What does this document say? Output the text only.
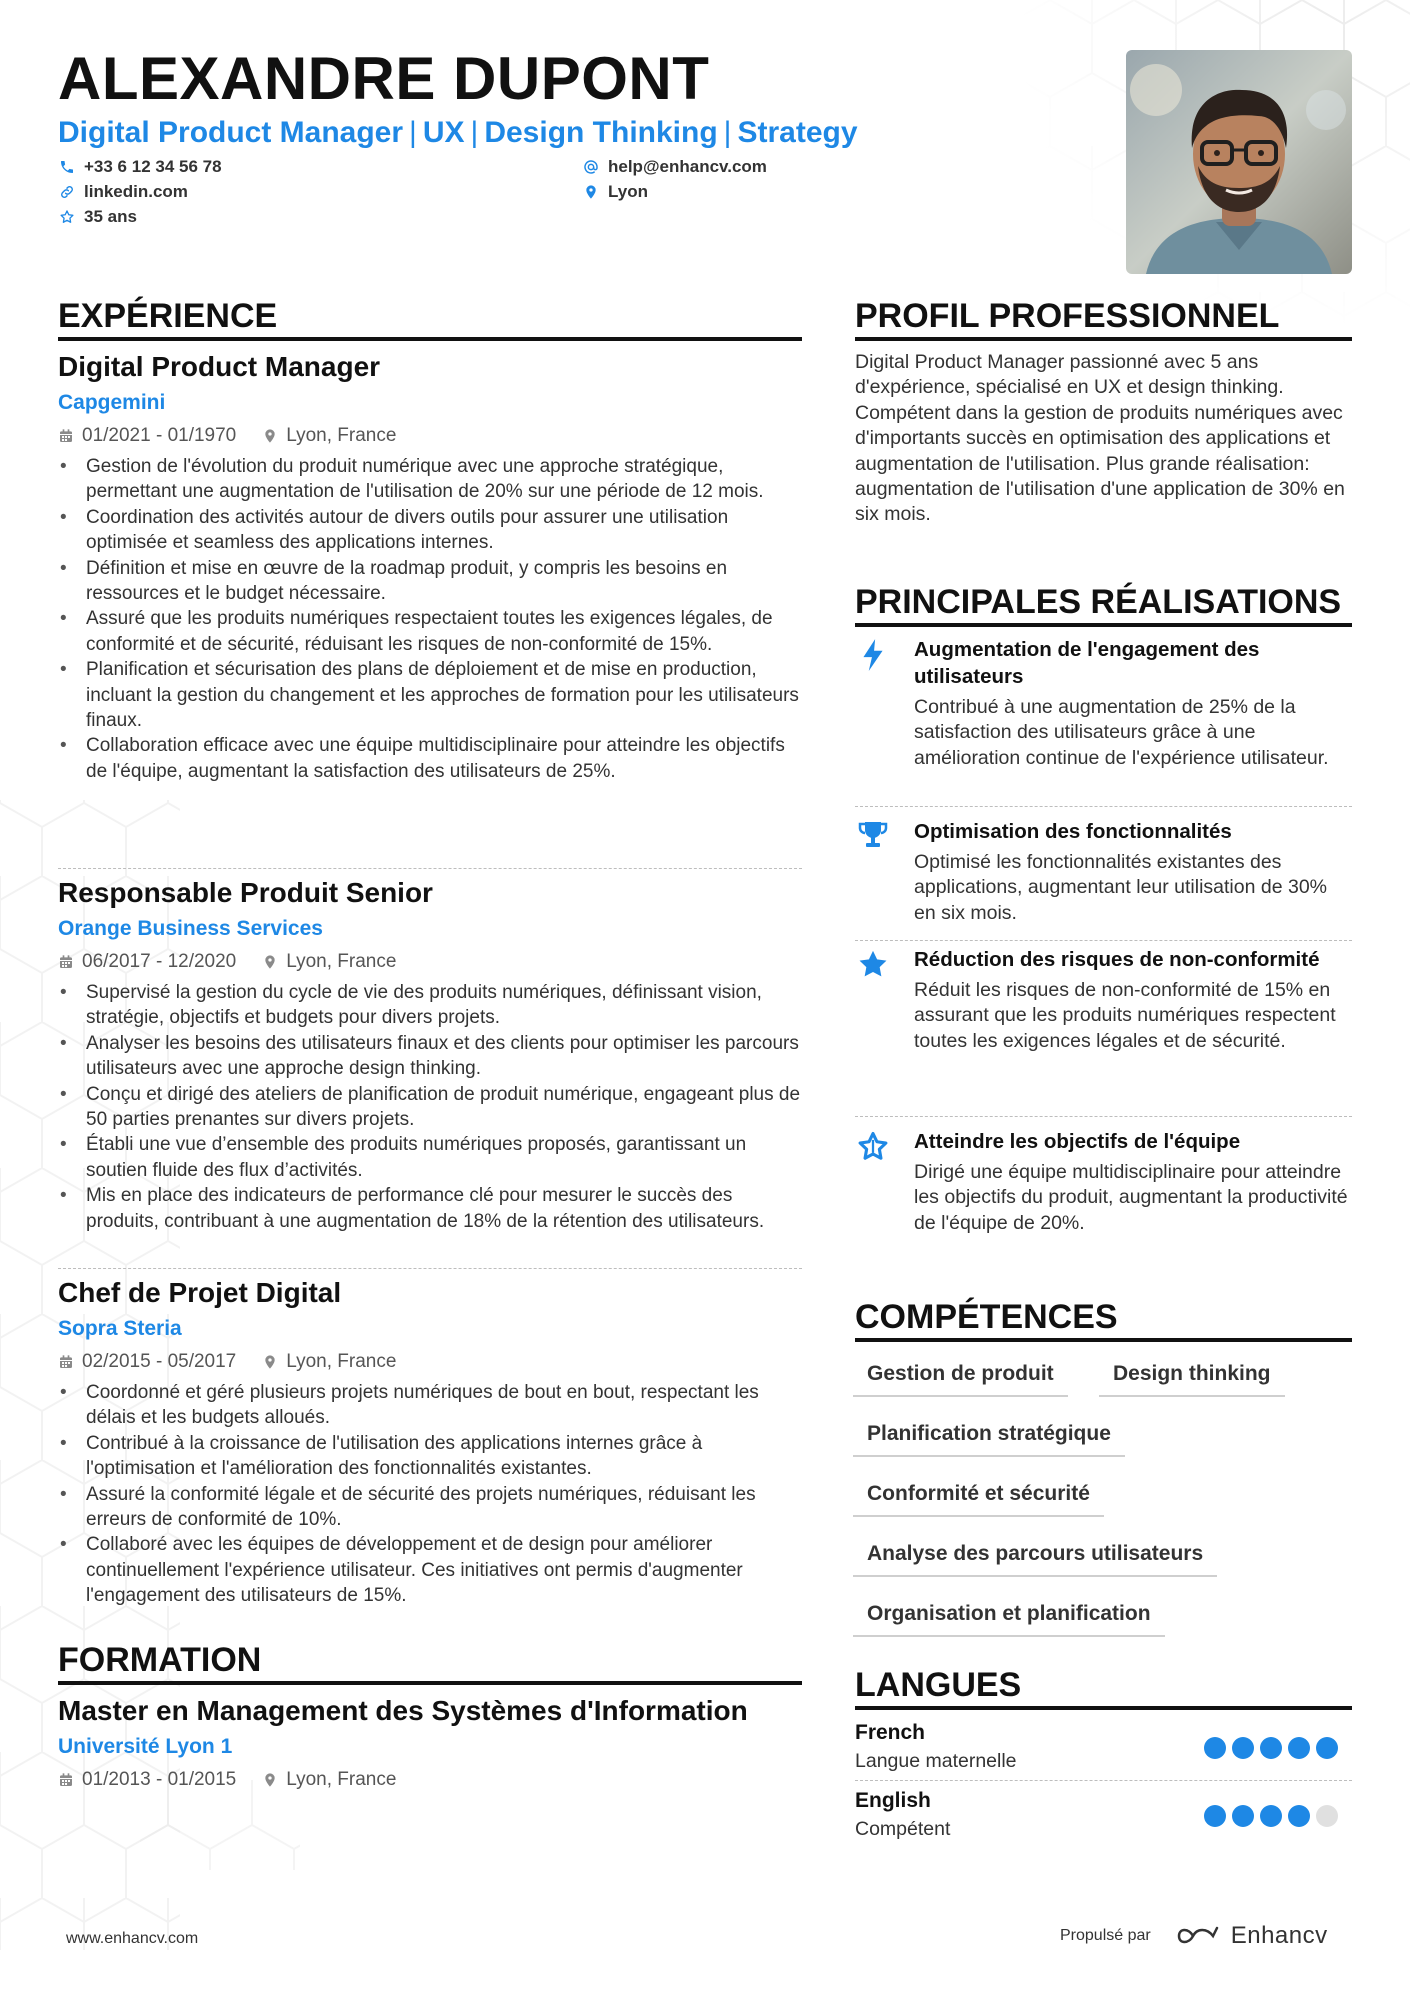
ALEXANDRE DUPONT
Digital Product Manager | UX | Design Thinking | Strategy
+33 6 12 34 56 78	help@enhancv.com
linkedin.com	Lyon
35 ans
EXPÉRIENCE
Digital Product Manager
Capgemini
01/2021 - 01/1970	Lyon, France
• Gestion de l'évolution du produit numérique avec une approche stratégique, permettant une augmentation de l'utilisation de 20% sur une période de 12 mois.
• Coordination des activités autour de divers outils pour assurer une utilisation optimisée et seamless des applications internes.
• Définition et mise en œuvre de la roadmap produit, y compris les besoins en ressources et le budget nécessaire.
• Assuré que les produits numériques respectaient toutes les exigences légales, de conformité et de sécurité, réduisant les risques de non-conformité de 15%.
• Planification et sécurisation des plans de déploiement et de mise en production, incluant la gestion du changement et les approches de formation pour les utilisateurs finaux.
• Collaboration efficace avec une équipe multidisciplinaire pour atteindre les objectifs de l'équipe, augmentant la satisfaction des utilisateurs de 25%.
Responsable Produit Senior
Orange Business Services
06/2017 - 12/2020	Lyon, France
• Supervisé la gestion du cycle de vie des produits numériques, définissant vision, stratégie, objectifs et budgets pour divers projets.
• Analyser les besoins des utilisateurs finaux et des clients pour optimiser les parcours utilisateurs avec une approche design thinking.
• Conçu et dirigé des ateliers de planification de produit numérique, engageant plus de 50 parties prenantes sur divers projets.
• Établi une vue d’ensemble des produits numériques proposés, garantissant un soutien fluide des flux d’activités.
• Mis en place des indicateurs de performance clé pour mesurer le succès des produits, contribuant à une augmentation de 18% de la rétention des utilisateurs.
Chef de Projet Digital
Sopra Steria
02/2015 - 05/2017	Lyon, France
• Coordonné et géré plusieurs projets numériques de bout en bout, respectant les délais et les budgets alloués.
• Contribué à la croissance de l'utilisation des applications internes grâce à l'optimisation et l'amélioration des fonctionnalités existantes.
• Assuré la conformité légale et de sécurité des projets numériques, réduisant les erreurs de conformité de 10%.
• Collaboré avec les équipes de développement et de design pour améliorer continuellement l'expérience utilisateur. Ces initiatives ont permis d'augmenter l'engagement des utilisateurs de 15%.
FORMATION
Master en Management des Systèmes d'Information
Université Lyon 1
01/2013 - 01/2015	Lyon, France
PROFIL PROFESSIONNEL

Digital Product Manager passionné avec 5 ans d'expérience, spécialisé en UX et design thinking. Compétent dans la gestion de produits numériques avec d'importants succès en optimisation des applications et augmentation de l'utilisation. Plus grande réalisation: augmentation de l'utilisation d'une application de 30% en six mois.

PRINCIPALES RÉALISATIONS
Augmentation de l'engagement des utilisateurs
Contribué à une augmentation de 25% de la satisfaction des utilisateurs grâce à une amélioration continue de l'expérience utilisateur.
Optimisation des fonctionnalités
Optimisé les fonctionnalités existantes des applications, augmentant leur utilisation de 30% en six mois.
Réduction des risques de non-conformité
Réduit les risques de non-conformité de 15% en assurant que les produits numériques respectent toutes les exigences légales et de sécurité.
Atteindre les objectifs de l'équipe
Dirigé une équipe multidisciplinaire pour atteindre les objectifs du produit, augmentant la productivité de l'équipe de 20%.
COMPÉTENCES
Gestion de produit	Design thinking
Planification stratégique
Conformité et sécurité
Analyse des parcours utilisateurs
Organisation et planification
LANGUES
French
Langue maternelle
English
Compétent
www.enhancv.com	Propulsé par	Enhancv
